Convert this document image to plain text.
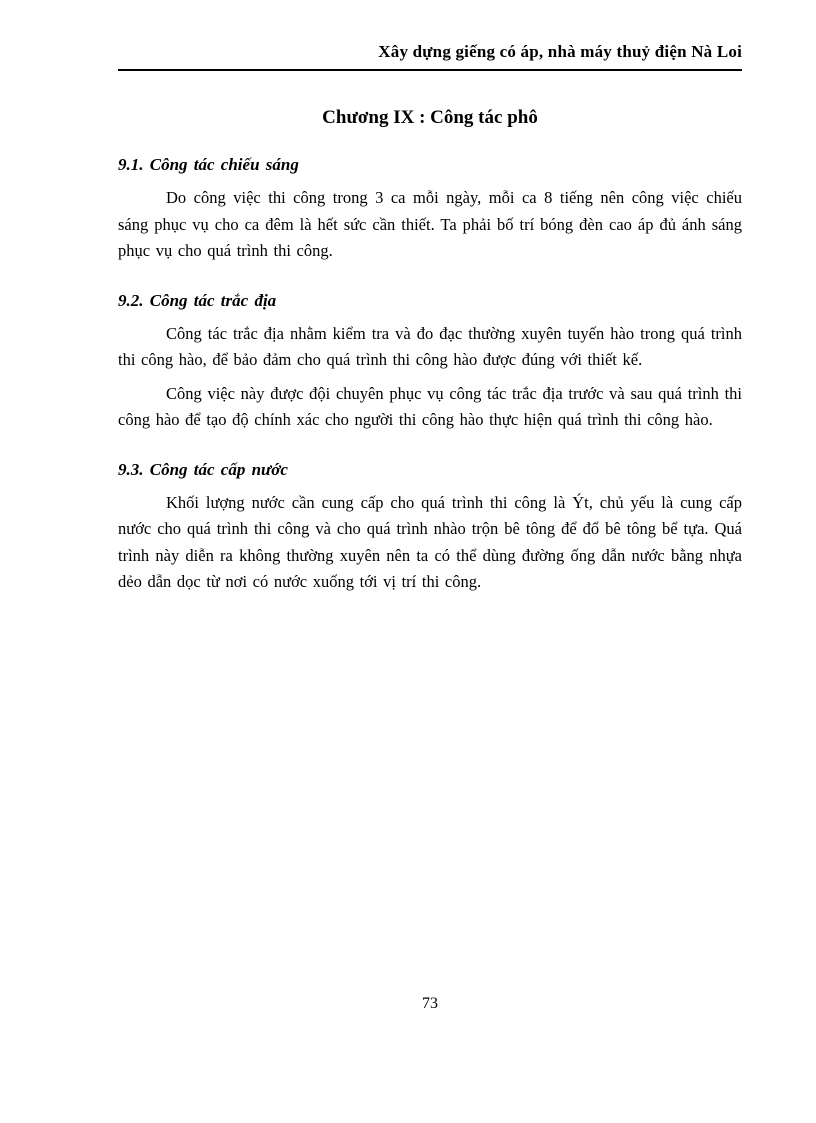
Xây dựng giếng có áp, nhà máy thuỷ điện Nà Loi
Chương IX : Công tác phô
9.1. Công tác chiếu sáng

Do công việc thi công trong 3 ca mỗi ngày, mỗi ca 8 tiếng nên công việc chiếu sáng phục vụ cho ca đêm là hết sức cần thiết. Ta phải bố trí bóng đèn cao áp đủ ánh sáng phục vụ cho quá trình thi công.

9.2. Công tác trắc địa

Công tác trắc địa nhằm kiểm tra và đo đạc thường xuyên tuyến hào trong quá trình thi công hào, để bảo đảm cho quá trình thi công hào được đúng với thiết kế.

Công việc này được đội chuyên phục vụ công tác trắc địa trước và sau quá trình thi công hào để tạo độ chính xác cho người thi công hào thực hiện quá trình thi công hào.

9.3. Công tác cấp nước

Khối lượng nước cần cung cấp cho quá trình thi công là Ýt, chủ yếu là cung cấp nước cho quá trình thi công và cho quá trình nhào trộn bê tông để đổ bê tông bể tựa. Quá trình này diễn ra không thường xuyên nên ta có thể dùng đường ống dẫn nước bằng nhựa dẻo dẫn dọc từ nơi có nước xuống tới vị trí thi công.

73
